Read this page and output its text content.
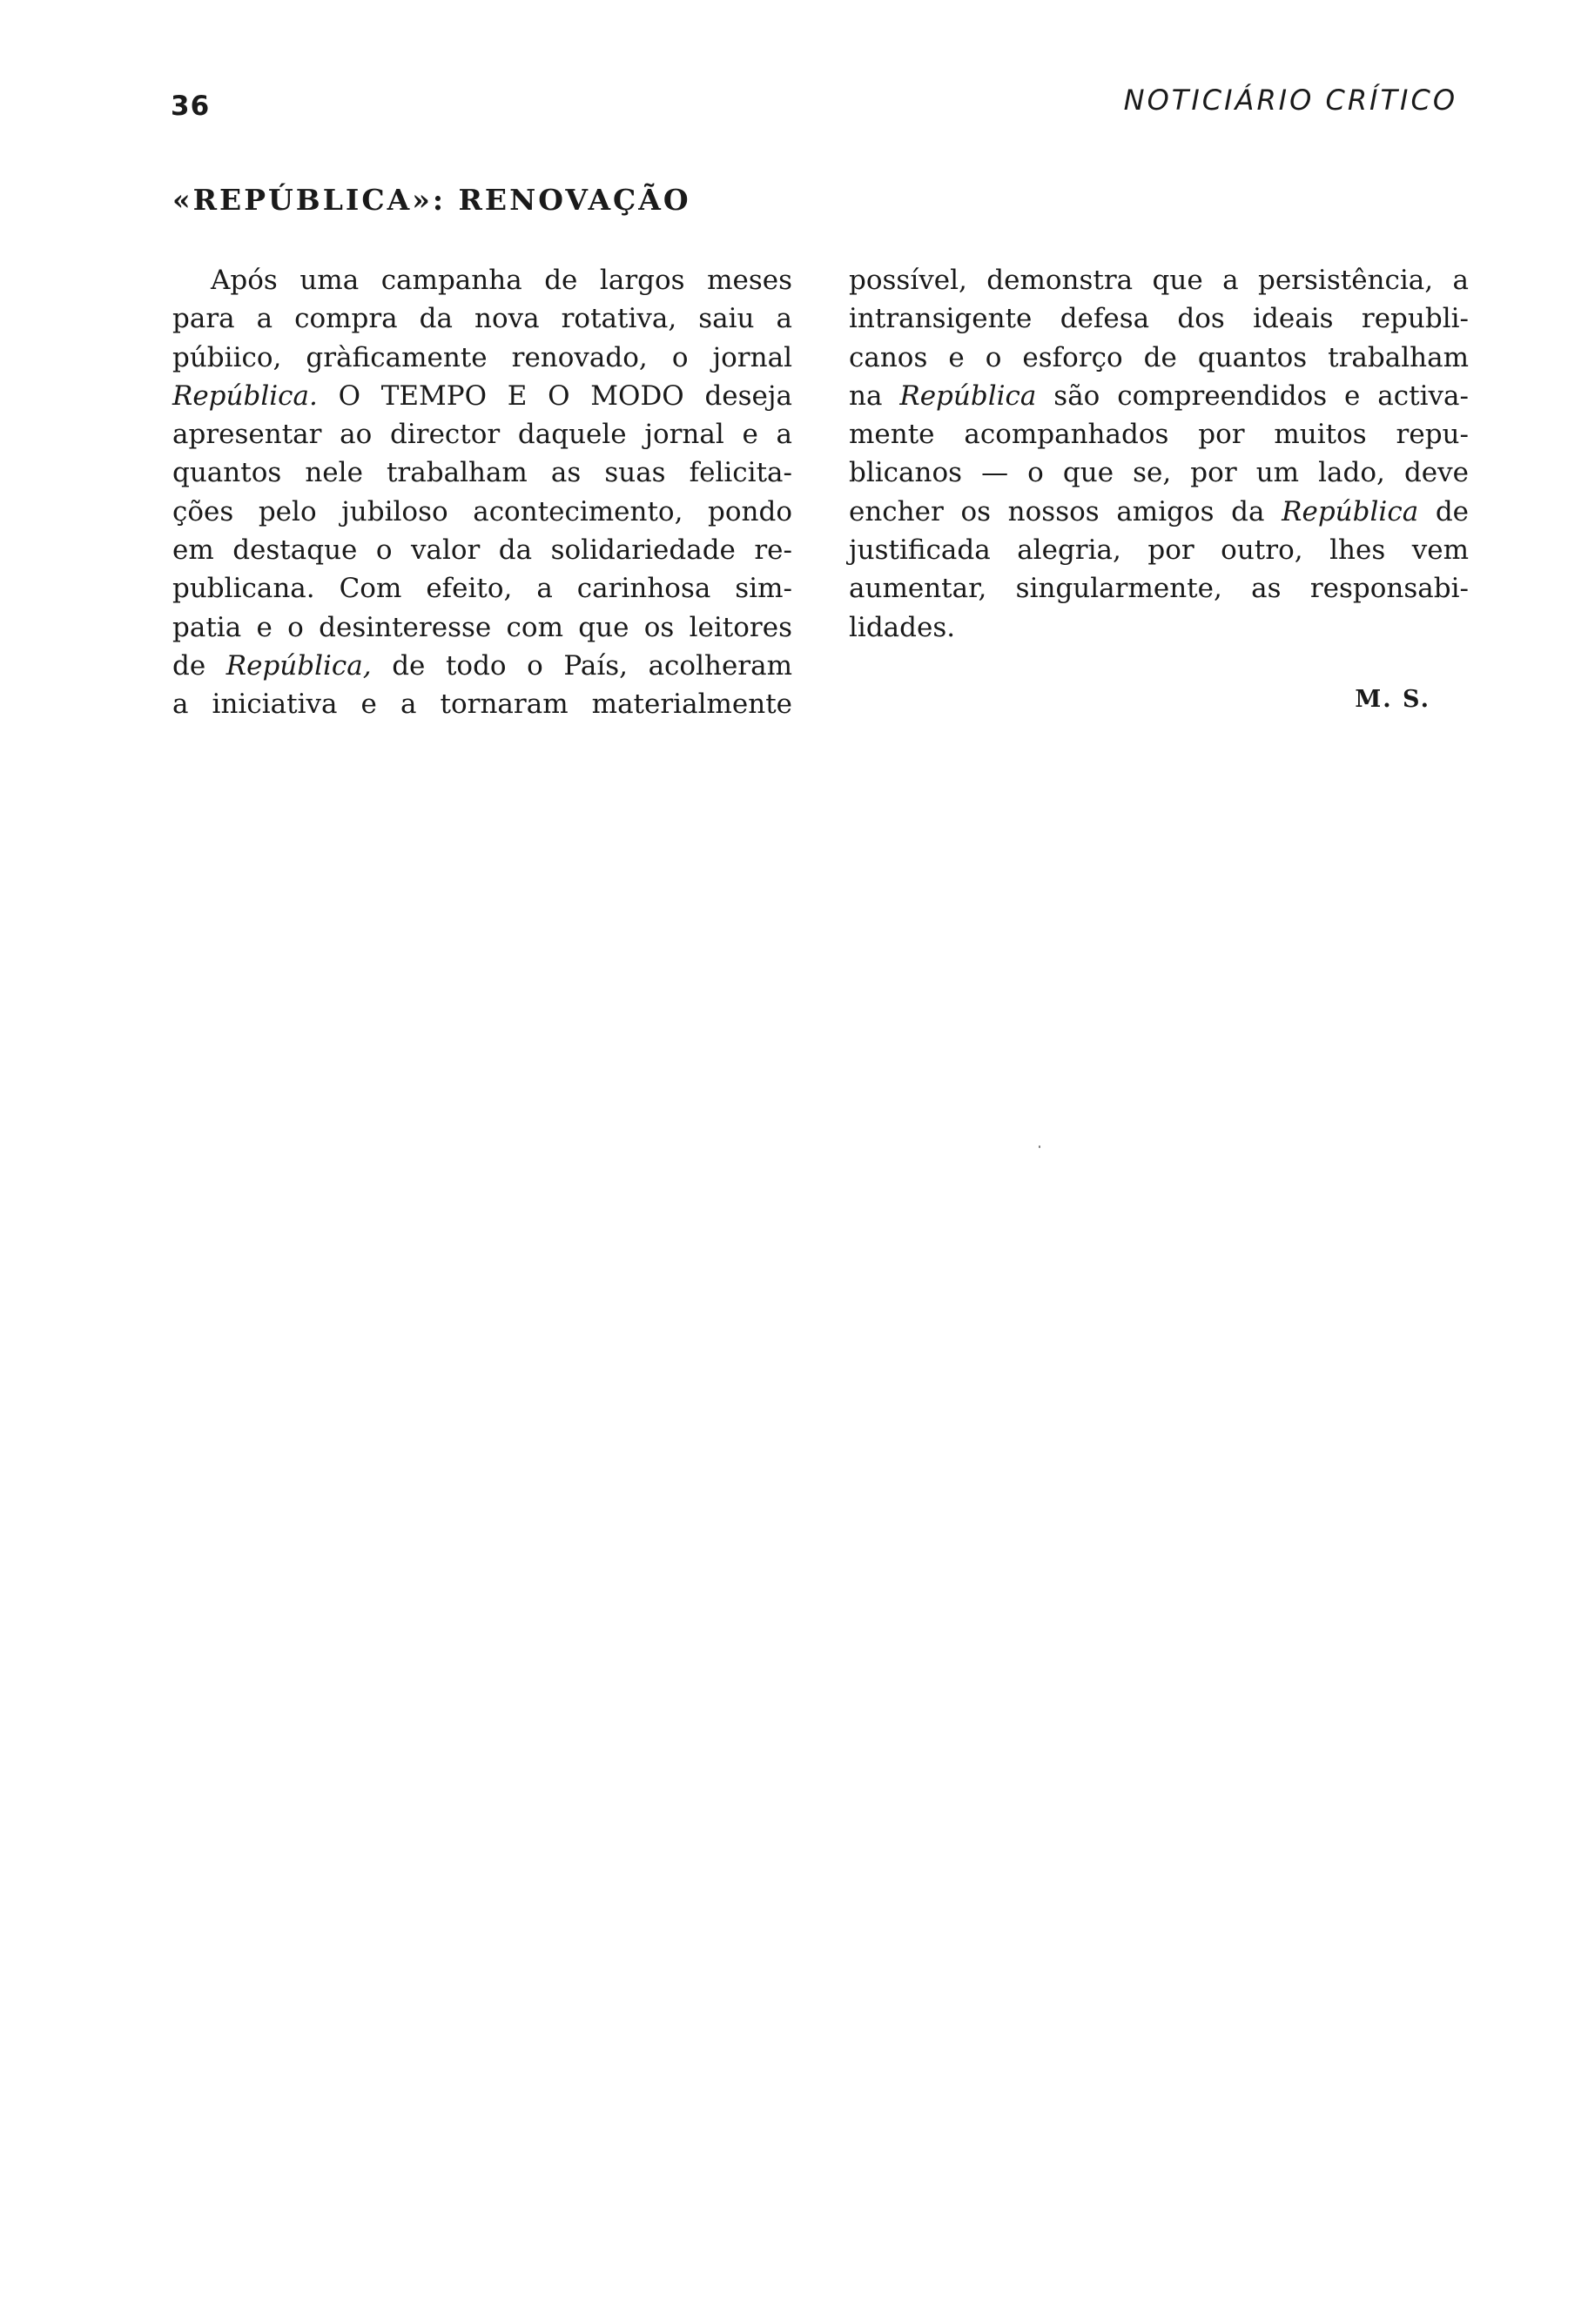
36	NOTICIÁRIO CRÍTICO
«REPÚBLICA»: RENOVAÇÃO
Após uma campanha de largos meses
para a compra da nova rotativa, saiu a
púbiico, gràficamente renovado, o jornal
República. O TEMPO E O MODO deseja
apresentar ao director daquele jornal e a
quantos nele trabalham as suas felicita-
ções pelo jubiloso acontecimento, pondo
em destaque o valor da solidariedade re-
publicana. Com efeito, a carinhosa sim-
patia e o desinteresse com que os leitores
de República, de todo o País, acolheram
a iniciativa e a tornaram materialmente
possível, demonstra que a persistência, a
intransigente defesa dos ideais republi-
canos e o esforço de quantos trabalham
na República são compreendidos e activa-
mente acompanhados por muitos repu-
blicanos — o que se, por um lado, deve
encher os nossos amigos da República de
justificada alegria, por outro, lhes vem
aumentar, singularmente, as responsabi-
lidades.
M. S.
